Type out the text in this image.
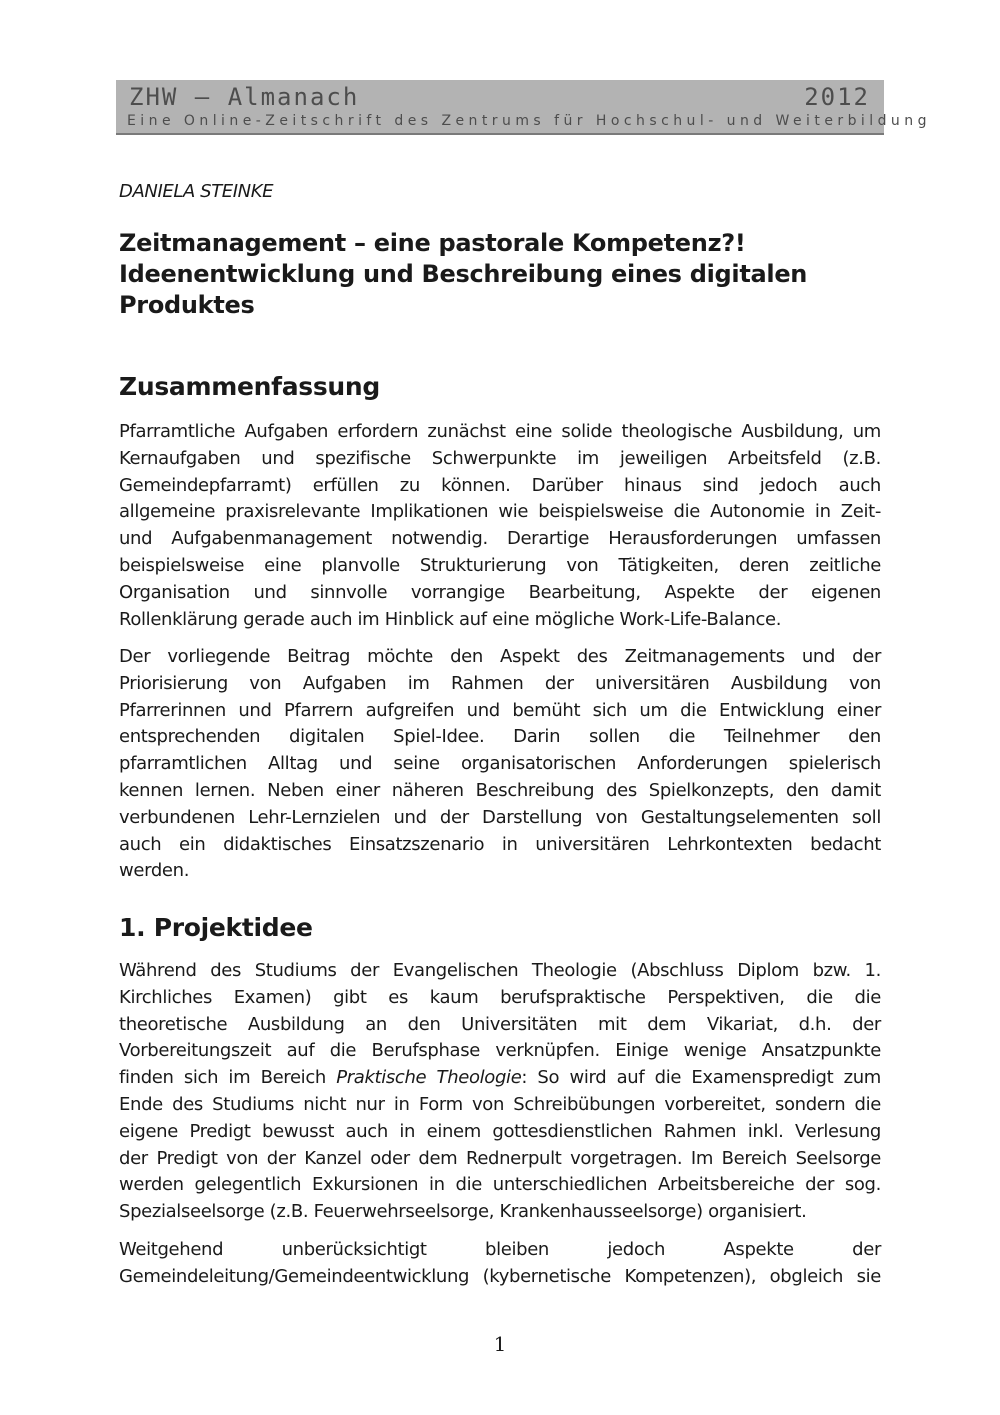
ZHW – Almanach	2012
Eine Online-Zeitschrift des Zentrums für Hochschul- und Weiterbildung
DANIELA STEINKE
Zeitmanagement – eine pastorale Kompetenz?!
Ideenentwicklung und Beschreibung eines digitalen
Produktes
Zusammenfassung

Pfarramtliche Aufgaben erfordern zunächst eine solide theologische Ausbildung, um
Kernaufgaben und spezifische Schwerpunkte im jeweiligen Arbeitsfeld (z.B.
Gemeindepfarramt) erfüllen zu können. Darüber hinaus sind jedoch auch
allgemeine praxisrelevante Implikationen wie beispielsweise die Autonomie in Zeit-
und Aufgabenmanagement notwendig. Derartige Herausforderungen umfassen
beispielsweise eine planvolle Strukturierung von Tätigkeiten, deren zeitliche
Organisation und sinnvolle vorrangige Bearbeitung, Aspekte der eigenen
Rollenklärung gerade auch im Hinblick auf eine mögliche Work-Life-Balance.

Der vorliegende Beitrag möchte den Aspekt des Zeitmanagements und der
Priorisierung von Aufgaben im Rahmen der universitären Ausbildung von
Pfarrerinnen und Pfarrern aufgreifen und bemüht sich um die Entwicklung einer
entsprechenden digitalen Spiel-Idee. Darin sollen die Teilnehmer den
pfarramtlichen Alltag und seine organisatorischen Anforderungen spielerisch
kennen lernen. Neben einer näheren Beschreibung des Spielkonzepts, den damit
verbundenen Lehr-Lernzielen und der Darstellung von Gestaltungselementen soll
auch ein didaktisches Einsatzszenario in universitären Lehrkontexten bedacht
werden.

1. Projektidee

Während des Studiums der Evangelischen Theologie (Abschluss Diplom bzw. 1.
Kirchliches Examen) gibt es kaum berufspraktische Perspektiven, die die
theoretische Ausbildung an den Universitäten mit dem Vikariat, d.h. der
Vorbereitungszeit auf die Berufsphase verknüpfen. Einige wenige Ansatzpunkte
finden sich im Bereich Praktische Theologie: So wird auf die Examenspredigt zum
Ende des Studiums nicht nur in Form von Schreibübungen vorbereitet, sondern die
eigene Predigt bewusst auch in einem gottesdienstlichen Rahmen inkl. Verlesung
der Predigt von der Kanzel oder dem Rednerpult vorgetragen. Im Bereich Seelsorge
werden gelegentlich Exkursionen in die unterschiedlichen Arbeitsbereiche der sog.
Spezialseelsorge (z.B. Feuerwehrseelsorge, Krankenhausseelsorge) organisiert.

Weitgehend unberücksichtigt bleiben jedoch Aspekte der
Gemeindeleitung/Gemeindeentwicklung (kybernetische Kompetenzen), obgleich sie

1
